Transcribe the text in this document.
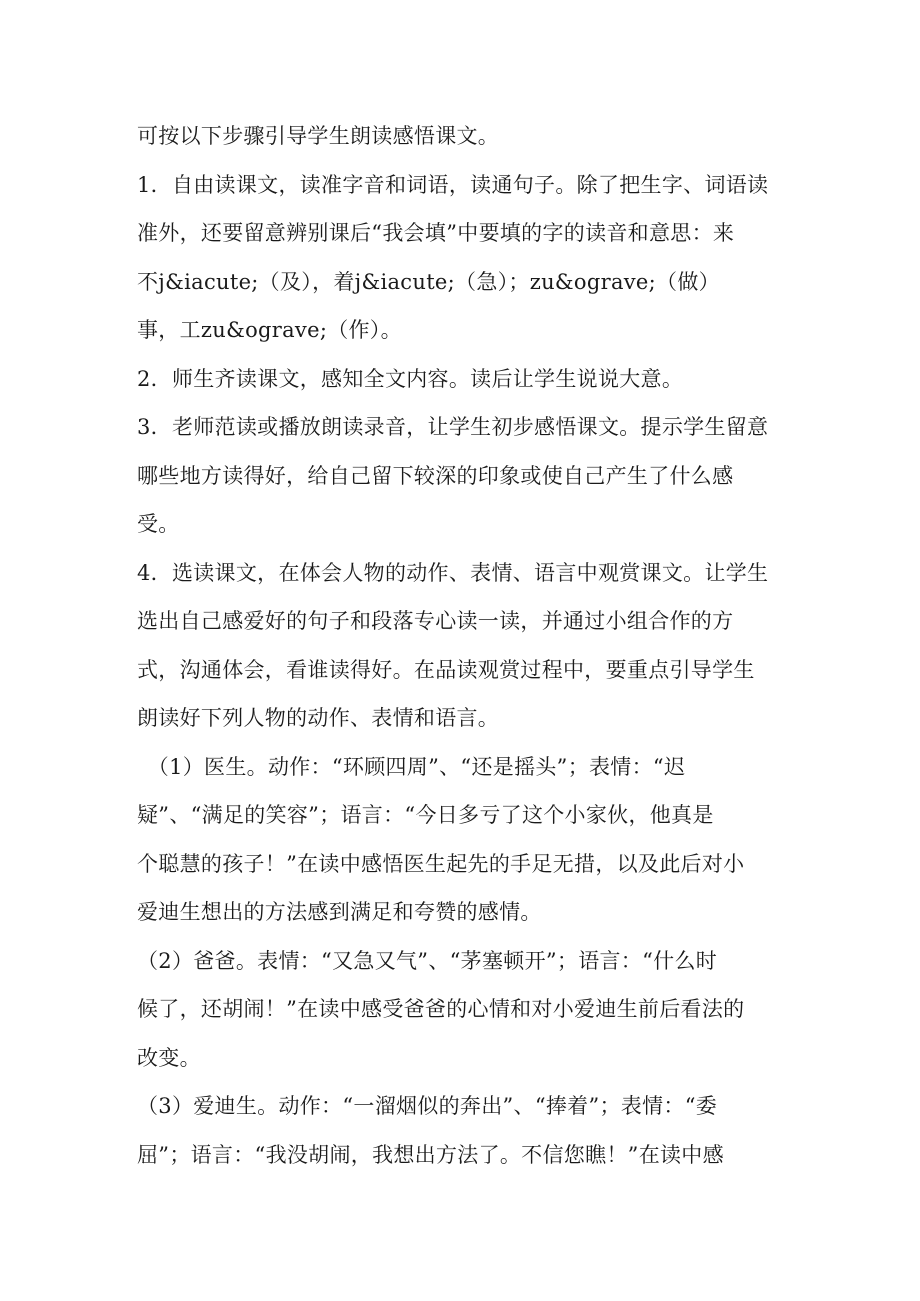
可按以下步骤引导学生朗读感悟课文。
1．自由读课文，读准字音和词语，读通句子。除了把生字、词语读
准外，还要留意辨别课后“我会填”中要填的字的读音和意思：来
不j&iacute;（及），着j&iacute;（急）；zu&ograve;（做）
事，工zu&ograve;（作）。
2．师生齐读课文，感知全文内容。读后让学生说说大意。
3．老师范读或播放朗读录音，让学生初步感悟课文。提示学生留意
哪些地方读得好，给自己留下较深的印象或使自己产生了什么感
受。
4．选读课文，在体会人物的动作、表情、语言中观赏课文。让学生
选出自己感爱好的句子和段落专心读一读，并通过小组合作的方
式，沟通体会，看谁读得好。在品读观赏过程中，要重点引导学生
朗读好下列人物的动作、表情和语言。
　（1）医生。动作：“环顾四周”、“还是摇头”；表情：“迟
疑”、“满足的笑容”；语言：“今日多亏了这个小家伙，他真是
个聪慧的孩子！”在读中感悟医生起先的手足无措，以及此后对小
爱迪生想出的方法感到满足和夸赞的感情。
（2）爸爸。表情：“又急又气”、“茅塞顿开”；语言：“什么时
候了，还胡闹！”在读中感受爸爸的心情和对小爱迪生前后看法的
改变。
（3）爱迪生。动作：“一溜烟似的奔出”、“捧着”；表情：“委
屈”；语言：“我没胡闹，我想出方法了。不信您瞧！”在读中感
